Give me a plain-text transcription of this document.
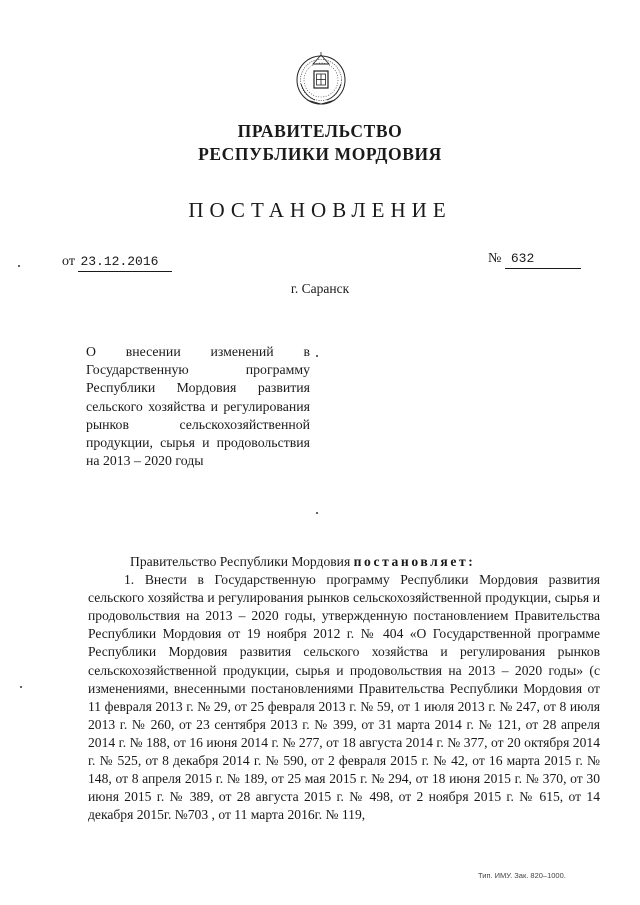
ПРАВИТЕЛЬСТВО
РЕСПУБЛИКИ МОРДОВИЯ
ПОСТАНОВЛЕНИЕ
от 23.12.2016	№ 632
г. Саранск
О внесении изменений в Государственную программу Республики Мордовия развития сельского хозяйства и регулирования рынков сельскохозяйственной продукции, сырья и продовольствия на 2013 – 2020 годы

Правительство Республики Мордовия постановляет:

1. Внести в Государственную программу Республики Мордовия развития сельского хозяйства и регулирования рынков сельскохозяйственной продукции, сырья и продовольствия на 2013 – 2020 годы, утвержденную постановлением Правительства Республики Мордовия от 19 ноября 2012 г. № 404 «О Государственной программе Республики Мордовия развития сельского хозяйства и регулирования рынков сельскохозяйственной продукции, сырья и продовольствия на 2013 – 2020 годы» (с изменениями, внесенными постановлениями Правительства Республики Мордовия от 11 февраля 2013 г. № 29, от 25 февраля 2013 г. № 59, от 1 июля 2013 г. № 247, от 8 июля 2013 г. № 260, от 23 сентября 2013 г. № 399, от 31 марта 2014 г. № 121, от 28 апреля 2014 г. № 188, от 16 июня 2014 г. № 277, от 18 августа 2014 г. № 377, от 20 октября 2014 г. № 525, от 8 декабря 2014 г. № 590, от 2 февраля 2015 г. № 42, от 16 марта 2015 г. № 148, от 8 апреля 2015 г. № 189, от 25 мая 2015 г. № 294, от 18 июня 2015 г. № 370, от 30 июня 2015 г. № 389, от 28 августа 2015 г. № 498, от 2 ноября 2015 г. № 615, от 14 декабря 2015г. №703 , от 11 марта 2016г. № 119,

Тип. ИМУ. Зак. 820–1000.
